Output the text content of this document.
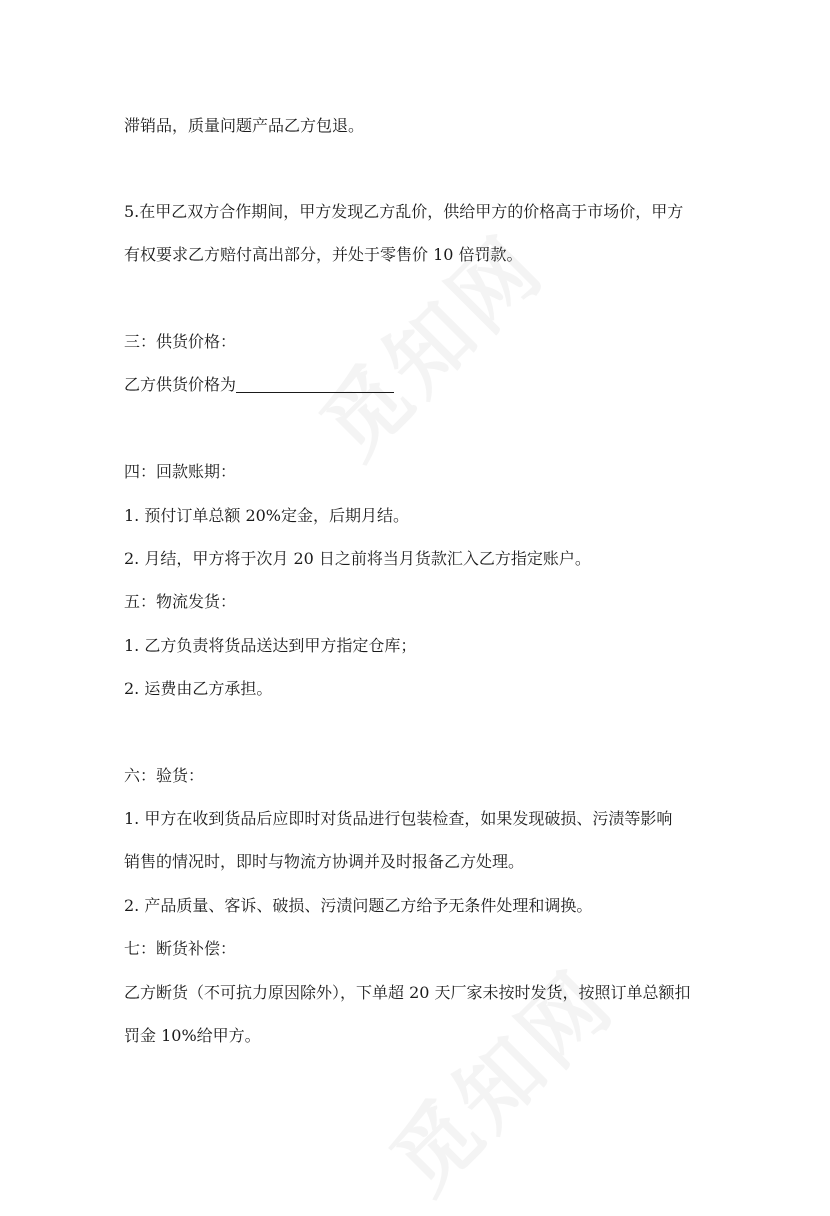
滞销品，质量问题产品乙方包退。
5.在甲乙双方合作期间，甲方发现乙方乱价，供给甲方的价格高于市场价，甲方
有权要求乙方赔付高出部分，并处于零售价 10 倍罚款。
三：供货价格：
乙方供货价格为
四：回款账期：
1. 预付订单总额 20%定金，后期月结。
2. 月结，甲方将于次月 20 日之前将当月货款汇入乙方指定账户。
五：物流发货：
1. 乙方负责将货品送达到甲方指定仓库；
2. 运费由乙方承担。
六：验货：
1. 甲方在收到货品后应即时对货品进行包装检查，如果发现破损、污渍等影响
销售的情况时，即时与物流方协调并及时报备乙方处理。
2. 产品质量、客诉、破损、污渍问题乙方给予无条件处理和调换。
七：断货补偿：
乙方断货（不可抗力原因除外），下单超 20 天厂家未按时发货，按照订单总额扣
罚金 10%给甲方。
